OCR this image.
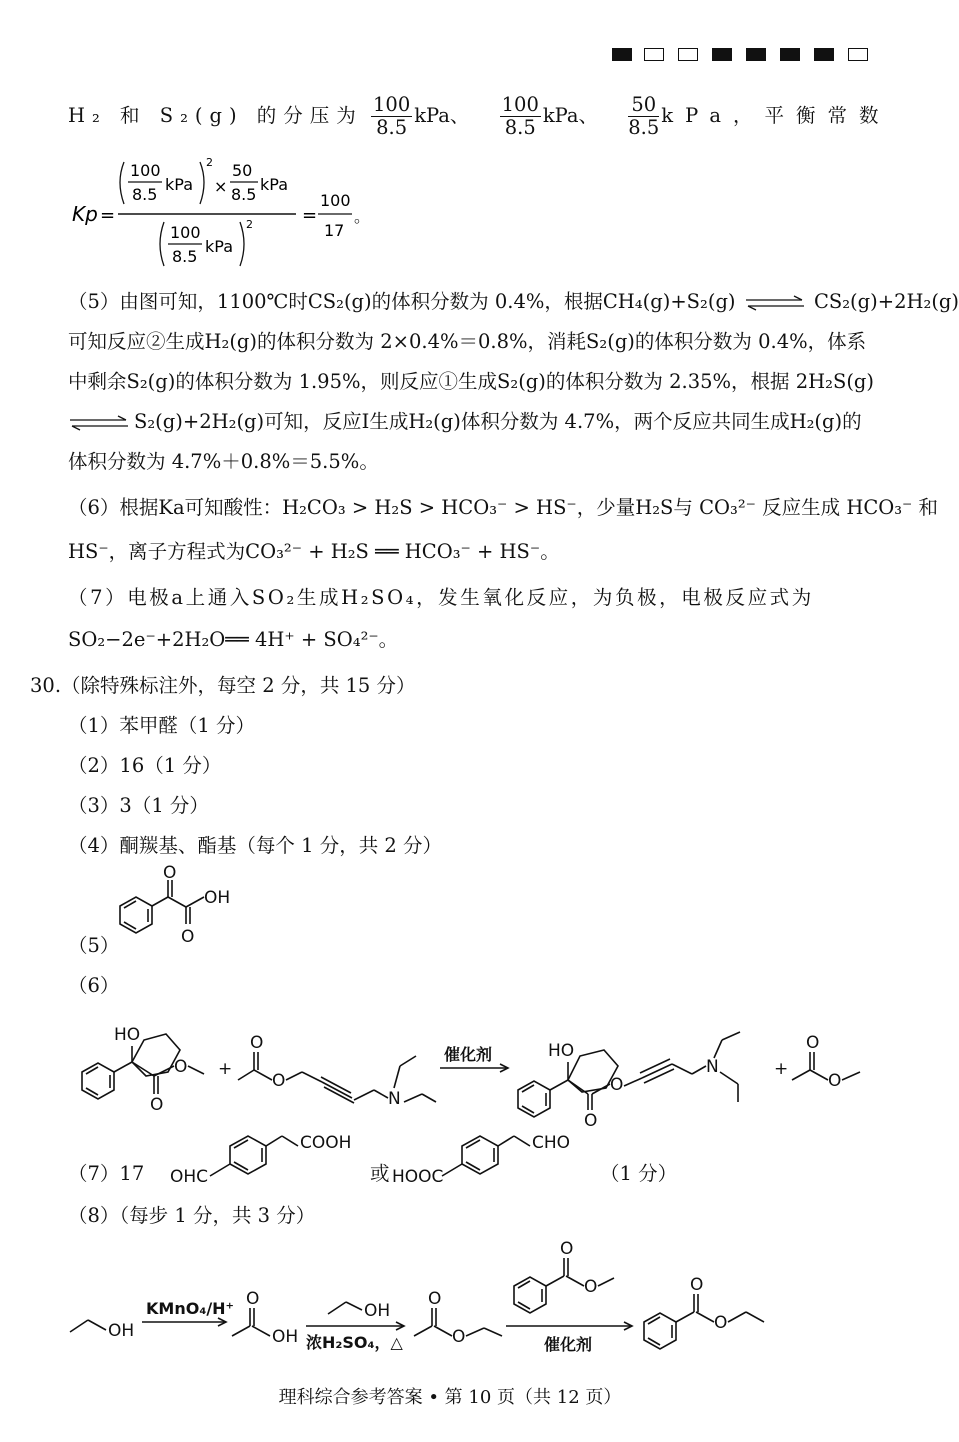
H₂ 和 S₂(g) 的分压为 $\frac{100}{8.5}$ kPa、 $\frac{100}{8.5}$ kPa、 $\frac{50}{8.5}$ kPa，平衡常数
Kp =
100
8.5
kPa
2
×
50
8.5
kPa
100
8.5
kPa
2	=
100
17
。
（5）由图可知，1100℃时CS₂(g)的体积分数为 0.4%，根据CH₄(g)+S₂(g) ⇌ CS₂(g)+2H₂(g)
可知反应②生成H₂(g)的体积分数为 2×0.4%＝0.8%，消耗S₂(g)的体积分数为 0.4%，体系
中剩余S₂(g)的体积分数为 1.95%，则反应①生成S₂(g)的体积分数为 2.35%，根据 2H₂S(g)
⇌ S₂(g)+2H₂(g)可知，反应Ⅰ生成H₂(g)体积分数为 4.7%，两个反应共同生成H₂(g)的
体积分数为 4.7%＋0.8%＝5.5%。
（6）根据Ka可知酸性：H₂CO₃ > H₂S > HCO₃⁻ > HS⁻，少量H₂S与 CO₃²⁻ 反应生成 HCO₃⁻ 和
HS⁻，离子方程式为CO₃²⁻ + H₂S ══ HCO₃⁻ + HS⁻。
（7）电极a上通入SO₂生成H₂SO₄，发生氧化反应，为负极，电极反应式为
SO₂−2e⁻+2H₂O══ 4H⁺ + SO₄²⁻。
30.（除特殊标注外，每空 2 分，共 15 分）
（1）苯甲醛（1 分）
（2）16（1 分）
（3）3（1 分）
（4）酮羰基、酯基（每个 1 分，共 2 分）
（5）
O
O
OH
（6）
HO
O
O +
O
O
N
催化剂	HO
O
O
N	+
O
O
（7）17 OHC
COOH
或 HOOC
CHO
（1 分）
（8）（每步 1 分，共 3 分）
OH
KMnO₄/H⁺ O
OH
OH
浓H₂SO₄，△
O
O
O
O
催化剂
O
O
理科综合参考答案 • 第 10 页（共 12 页）
